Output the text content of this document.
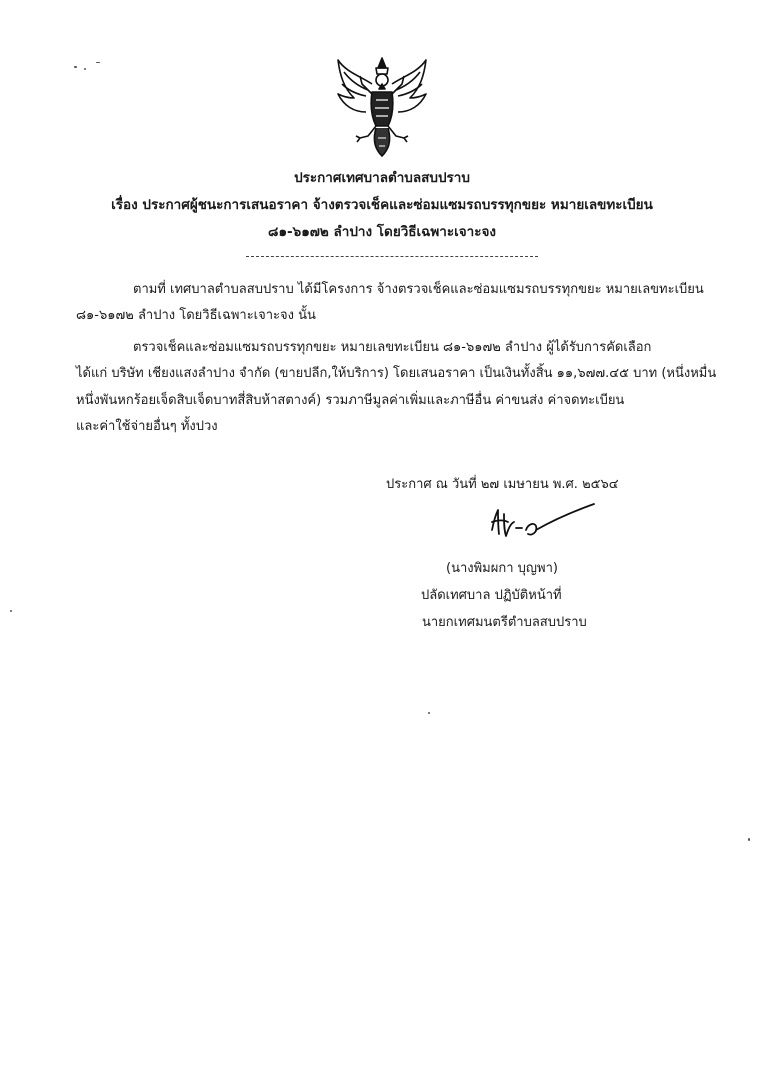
ประกาศเทศบาลตำบลสบปราบ
เรื่อง ประกาศผู้ชนะการเสนอราคา จ้างตรวจเช็คและซ่อมแซมรถบรรทุกขยะ หมายเลขทะเบียน
๘๑-๖๑๗๒ ลำปาง โดยวิธีเฉพาะเจาะจง
ตามที่ เทศบาลตำบลสบปราบ ได้มีโครงการ จ้างตรวจเช็คและซ่อมแซมรถบรรทุกขยะ หมายเลขทะเบียน
๘๑-๖๑๗๒ ลำปาง โดยวิธีเฉพาะเจาะจง นั้น
ตรวจเช็คและซ่อมแซมรถบรรทุกขยะ หมายเลขทะเบียน ๘๑-๖๑๗๒ ลำปาง ผู้ได้รับการคัดเลือก
ได้แก่ บริษัท เชียงแสงลำปาง จำกัด (ขายปลีก,ให้บริการ) โดยเสนอราคา เป็นเงินทั้งสิ้น ๑๑,๖๗๗.๔๕ บาท (หนึ่งหมื่น
หนึ่งพันหกร้อยเจ็ดสิบเจ็ดบาทสี่สิบห้าสตางค์) รวมภาษีมูลค่าเพิ่มและภาษีอื่น ค่าขนส่ง ค่าจดทะเบียน
และค่าใช้จ่ายอื่นๆ ทั้งปวง
ประกาศ ณ วันที่ ๒๗ เมษายน พ.ศ. ๒๕๖๔
(นางพิมผกา บุญพา)
ปลัดเทศบาล ปฏิบัติหน้าที่
นายกเทศมนตรีตำบลสบปราบ
